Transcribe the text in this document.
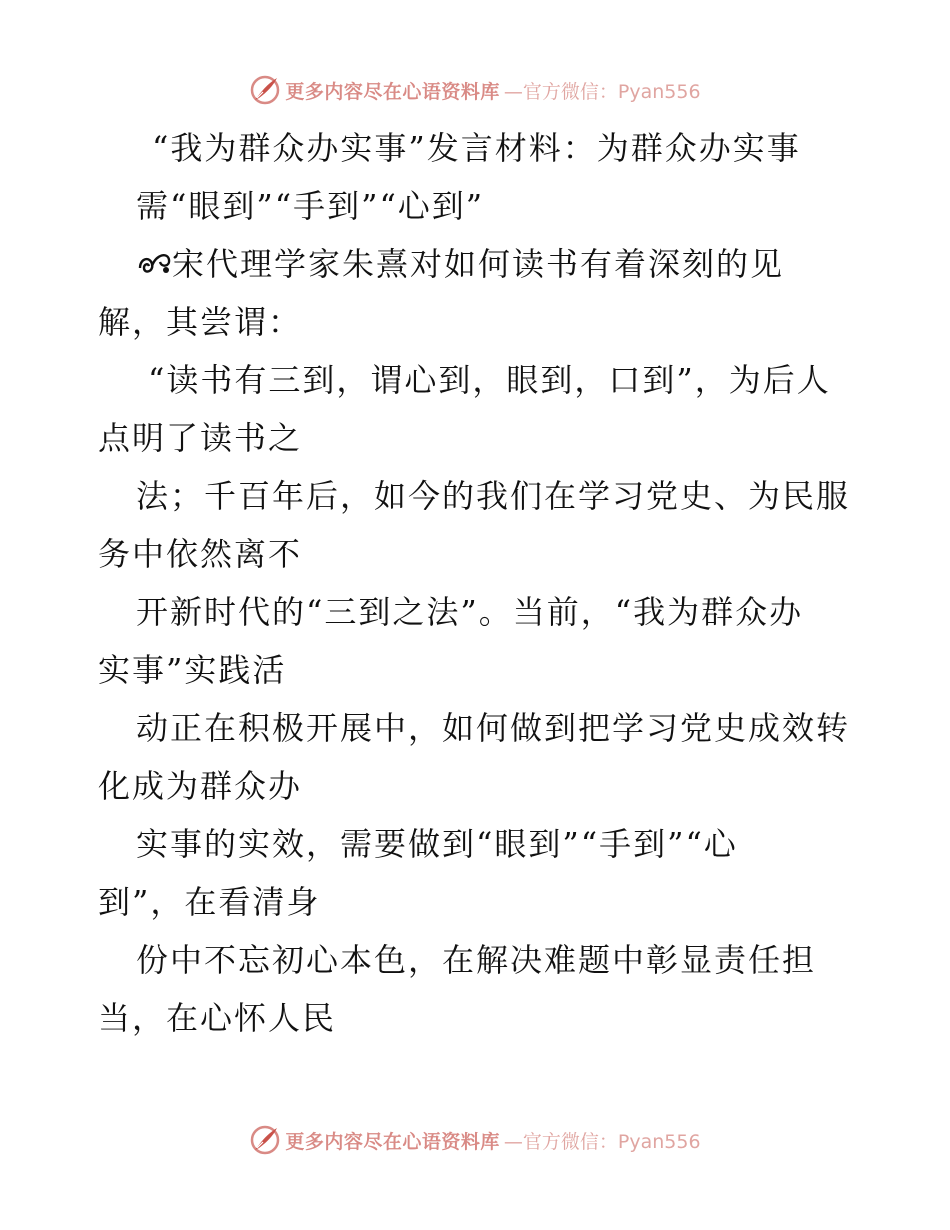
更多内容尽在心语资料库 —官方微信：Pyan556
“我为群众办实事”发言材料：为群众办实事
需“眼到”“手到”“心到”
宋代理学家朱熹对如何读书有着深刻的见
解，其尝谓：
“读书有三到，谓心到，眼到，口到”，为后人
点明了读书之
法；千百年后，如今的我们在学习党史、为民服
务中依然离不
开新时代的“三到之法”。当前，“我为群众办
实事”实践活
动正在积极开展中，如何做到把学习党史成效转
化成为群众办
实事的实效，需要做到“眼到”“手到”“心
到”，在看清身
份中不忘初心本色，在解决难题中彰显责任担
当，在心怀人民
更多内容尽在心语资料库 —官方微信：Pyan556
